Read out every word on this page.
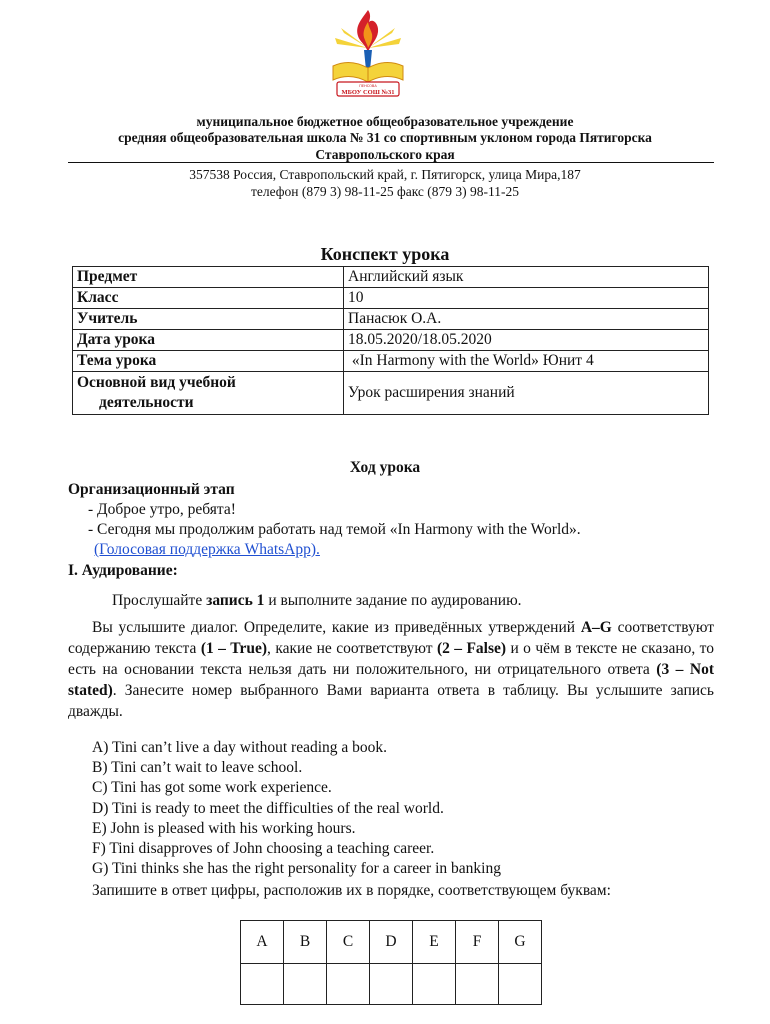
ПЕНСОВА
МБОУ СОШ №31
муниципальное бюджетное общеобразовательное учреждение
средняя общеобразовательная школа № 31 со спортивным уклоном города Пятигорска
Ставропольского края
357538 Россия, Ставропольский край, г. Пятигорск, улица Мира,187
телефон (879 3) 98-11-25 факс (879 3) 98-11-25
Конспект урока
Предмет	Английский язык
Класс	10
Учитель	Панасюк О.А.
Дата урока	18.05.2020/18.05.2020
Тема урока	«In Harmony with the World» Юнит 4
Основной вид учебной
деятельности	Урок расширения знаний
Ход урока
Организационный этап
- Доброе утро, ребята!
- Сегодня мы продолжим работать над темой «In Harmony with the World».
(Голосовая поддержка WhatsApp).
I. Аудирование:
Прослушайте запись 1 и выполните задание по аудированию.
Вы услышите диалог. Определите, какие из приведённых утверждений A–G соответствуют содержанию текста (1 – True), какие не соответствуют (2 – False) и о чём в тексте не сказано, то есть на основании текста нельзя дать ни положительного, ни отрицательного ответа (3 – Not stated). Занесите номер выбранного Вами варианта ответа в таблицу. Вы услышите запись дважды.
A) Tini can’t live a day without reading a book.
B) Tini can’t wait to leave school.
C) Tini has got some work experience.
D) Tini is ready to meet the difficulties of the real world.
E) John is pleased with his working hours.
F) Tini disapproves of John choosing a teaching career.
G) Tini thinks she has the right personality for a career in banking
Запишите в ответ цифры, расположив их в порядке, соответствующем буквам:
A	B	C	D	E	F	G
